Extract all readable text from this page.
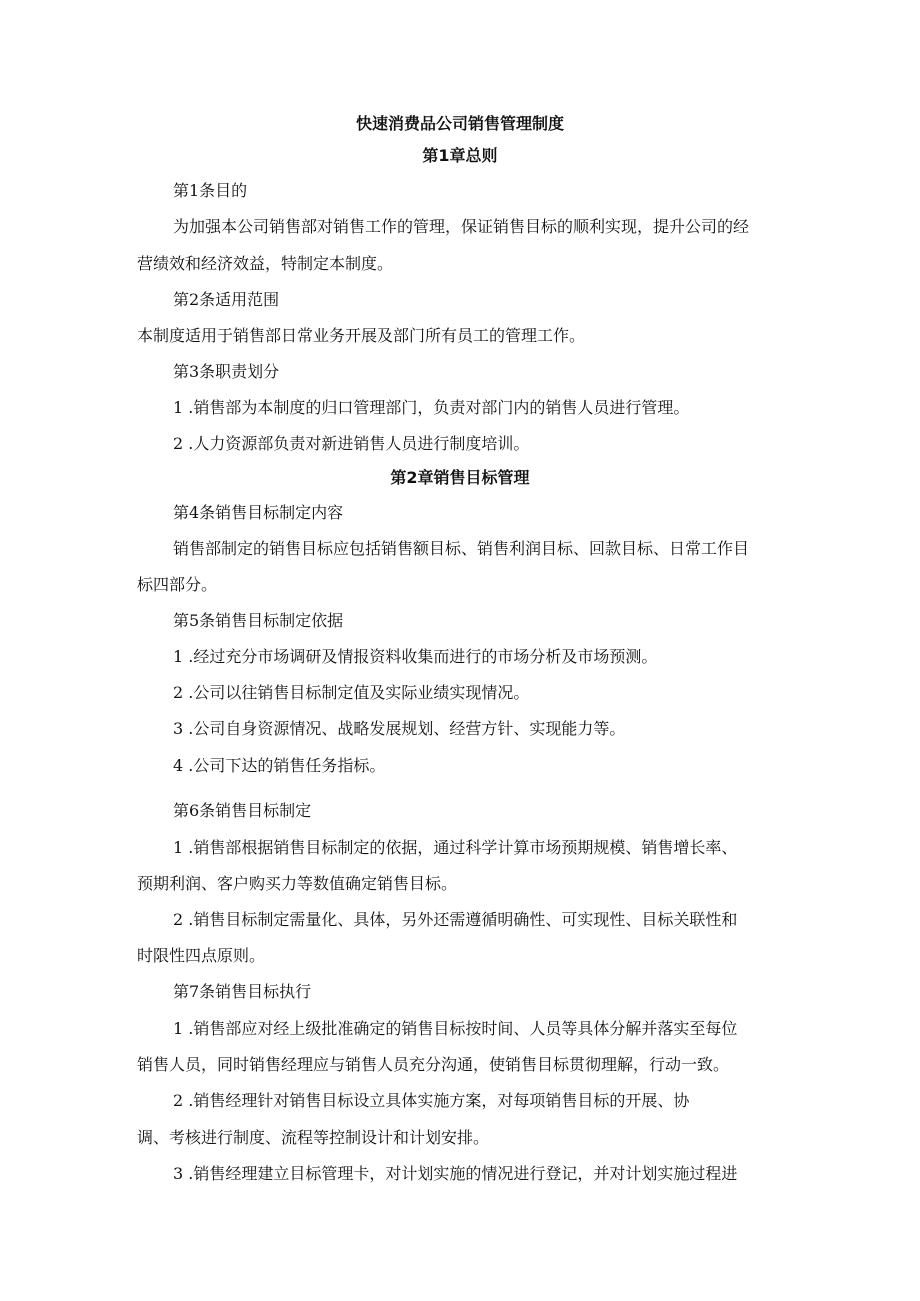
快速消费品公司销售管理制度
第1章总则
第1条目的
为加强本公司销售部对销售工作的管理，保证销售目标的顺利实现，提升公司的经
营绩效和经济效益，特制定本制度。
第2条适用范围
本制度适用于销售部日常业务开展及部门所有员工的管理工作。
第3条职责划分
1 .销售部为本制度的归口管理部门，负责对部门内的销售人员进行管理。
2 .人力资源部负责对新进销售人员进行制度培训。
第2章销售目标管理
第4条销售目标制定内容
销售部制定的销售目标应包括销售额目标、销售利润目标、回款目标、日常工作目
标四部分。
第5条销售目标制定依据
1 .经过充分市场调研及情报资料收集而进行的市场分析及市场预测。
2 .公司以往销售目标制定值及实际业绩实现情况。
3 .公司自身资源情况、战略发展规划、经营方针、实现能力等。
4 .公司下达的销售任务指标。
第6条销售目标制定
1 .销售部根据销售目标制定的依据，通过科学计算市场预期规模、销售增长率、
预期利润、客户购买力等数值确定销售目标。
2 .销售目标制定需量化、具体，另外还需遵循明确性、可实现性、目标关联性和
时限性四点原则。
第7条销售目标执行
1 .销售部应对经上级批准确定的销售目标按时间、人员等具体分解并落实至每位
销售人员，同时销售经理应与销售人员充分沟通，使销售目标贯彻理解，行动一致。
2 .销售经理针对销售目标设立具体实施方案，对每项销售目标的开展、协
调、考核进行制度、流程等控制设计和计划安排。
3 .销售经理建立目标管理卡，对计划实施的情况进行登记，并对计划实施过程进
